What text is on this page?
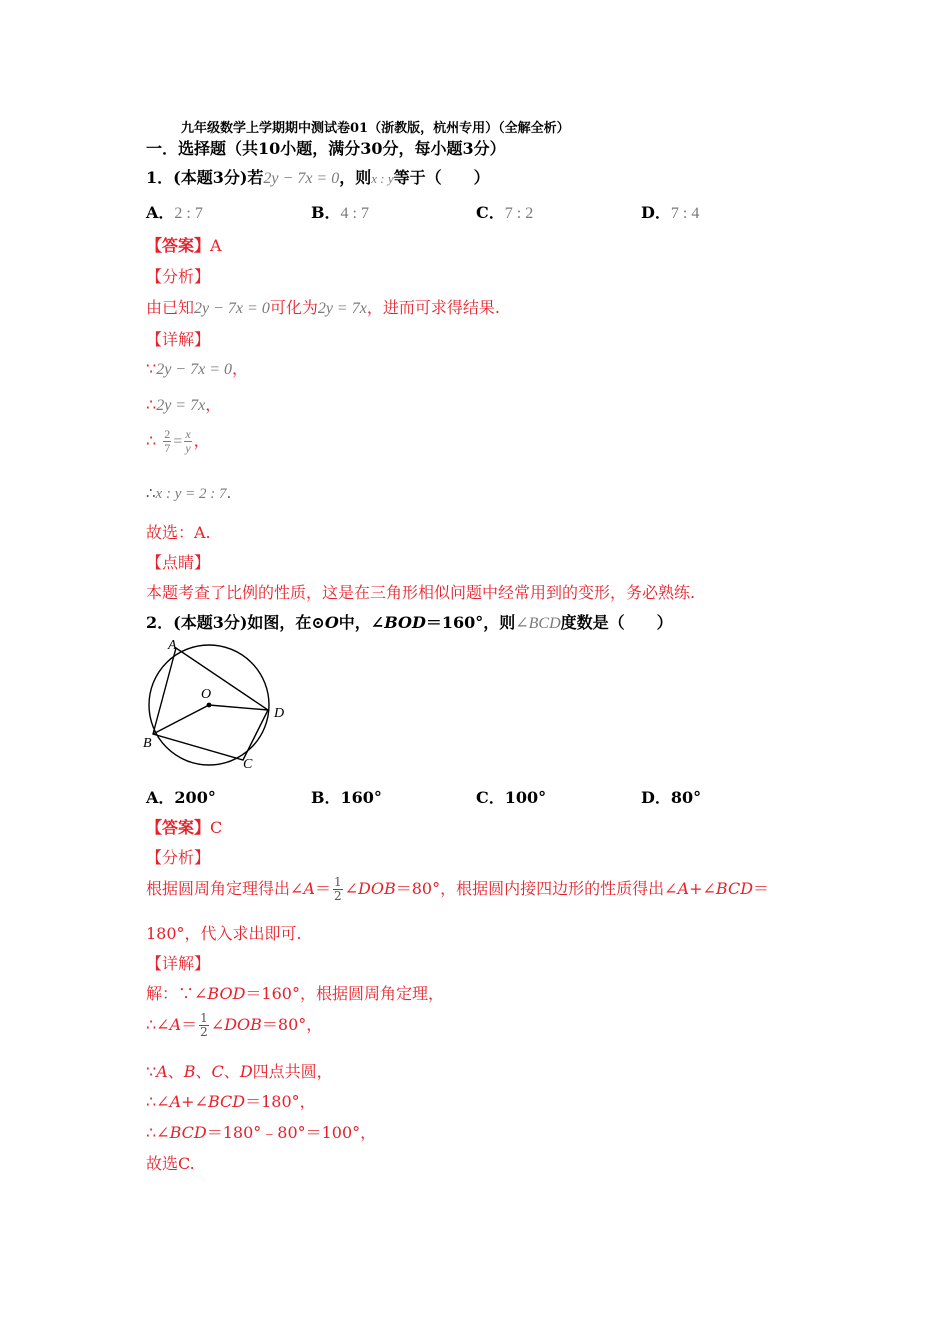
九年级数学上学期期中测试卷01（浙教版，杭州专用）（全解全析）
一．选择题（共10小题，满分30分，每小题3分）
1．(本题3分)若2y − 7x = 0，则x : y等于（　　）
A．2 : 7	B．4 : 7	C．7 : 2	D．7 : 4
【答案】A
【分析】
由已知2y − 7x = 0可化为2y = 7x，进而可求得结果.
【详解】
∵2y − 7x = 0，
∴2y = 7x，
∴ $\frac{2}{7} = \frac{x}{y}$ ，
∴x : y = 2 : 7.
故选：A.
【点睛】
本题考查了比例的性质，这是在三角形相似问题中经常用到的变形，务必熟练.
2．(本题3分)如图，在⊙O中，∠BOD＝160°，则∠BCD度数是（　　）
A
B
C
D
O
A．200°	B．160°	C．100°	D．80°
【答案】C
【分析】
根据圆周角定理得出∠A＝ $\frac{1}{2}$ ∠DOB＝80°，根据圆内接四边形的性质得出∠A+∠BCD＝
180°，代入求出即可.
【详解】
解：∵∠BOD＝160°，根据圆周角定理，
∴∠A＝ $\frac{1}{2}$ ∠DOB＝80°，
∵A、B、C、D四点共圆，
∴∠A+∠BCD＝180°，
∴∠BCD＝180°﹣80°＝100°，
故选C.
